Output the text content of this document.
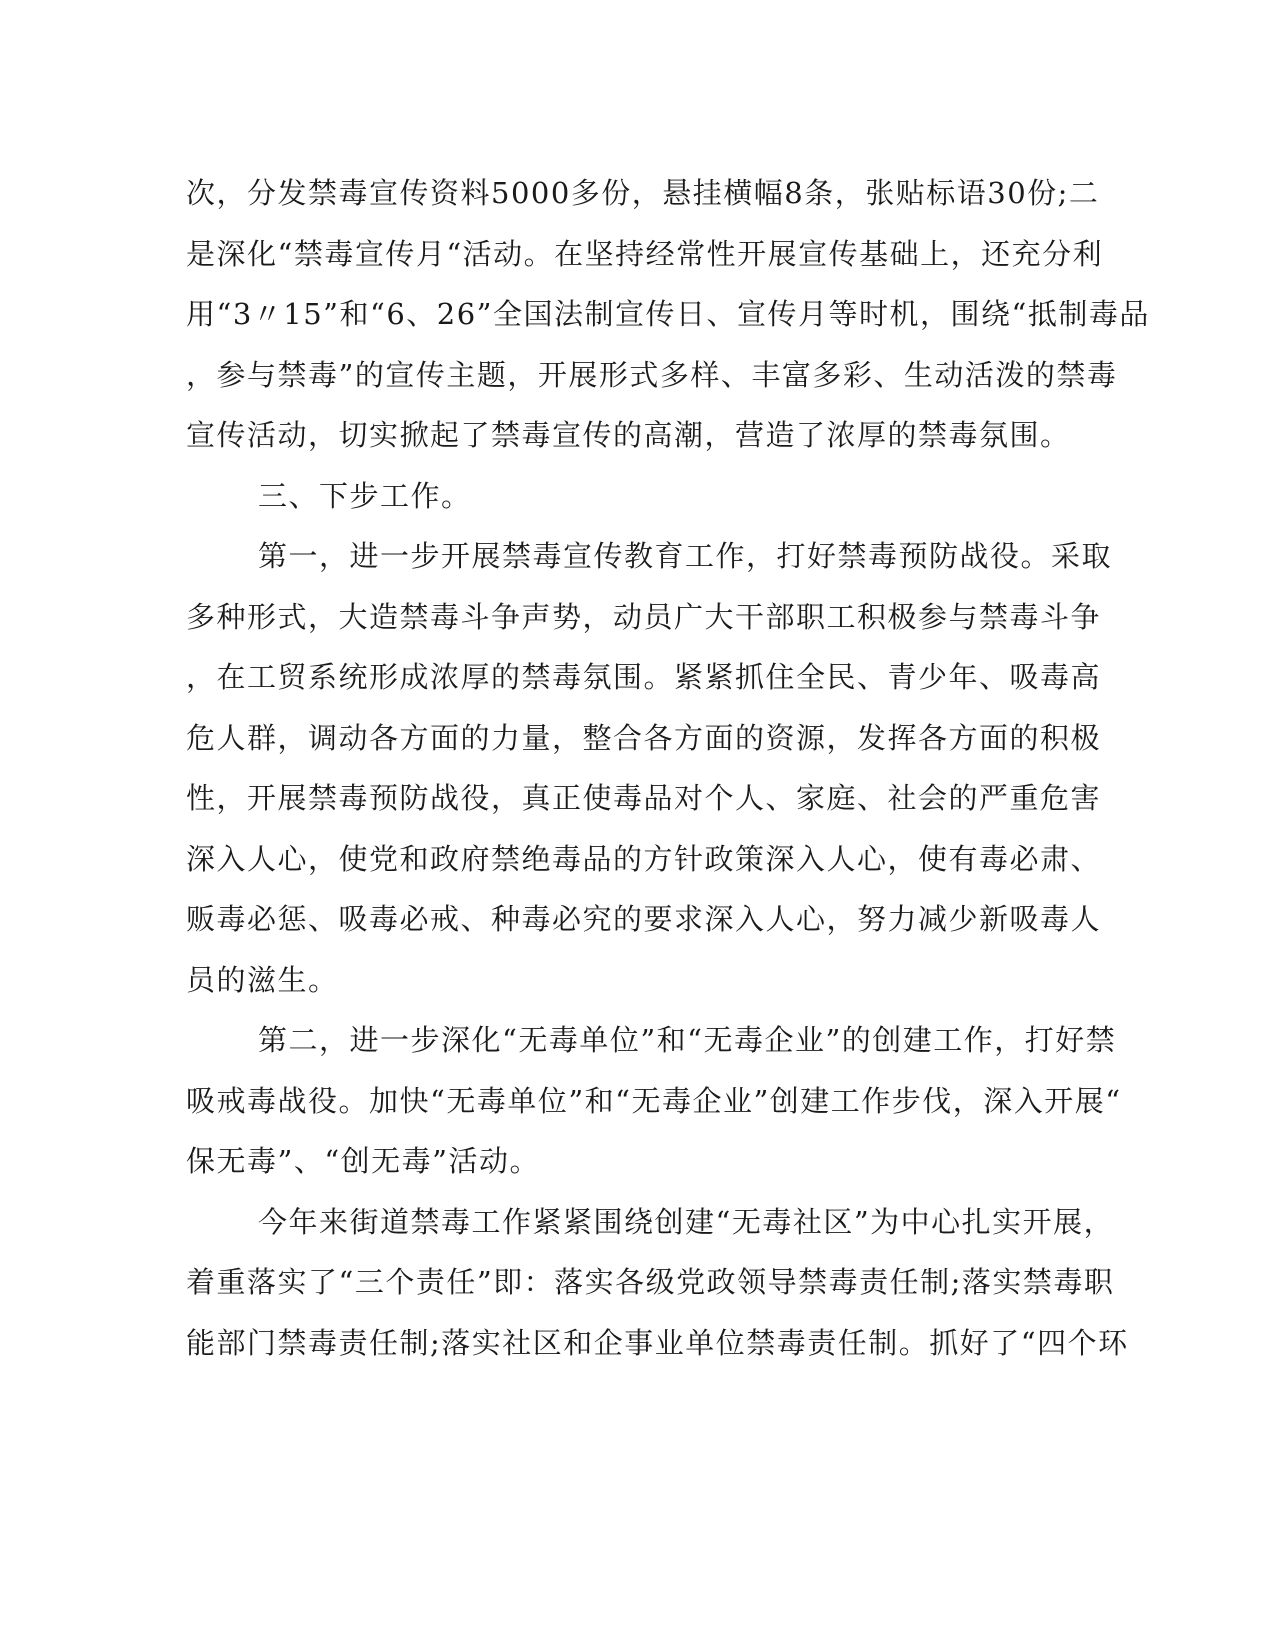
次，分发禁毒宣传资料5000多份，悬挂横幅8条，张贴标语30份;二
是深化“禁毒宣传月“活动。在坚持经常性开展宣传基础上，还充分利
用“3〃15”和“6、26”全国法制宣传日、宣传月等时机，围绕“抵制毒品
，参与禁毒”的宣传主题，开展形式多样、丰富多彩、生动活泼的禁毒
宣传活动，切实掀起了禁毒宣传的高潮，营造了浓厚的禁毒氛围。
三、下步工作。
第一，进一步开展禁毒宣传教育工作，打好禁毒预防战役。采取
多种形式，大造禁毒斗争声势，动员广大干部职工积极参与禁毒斗争
，在工贸系统形成浓厚的禁毒氛围。紧紧抓住全民、青少年、吸毒高
危人群，调动各方面的力量，整合各方面的资源，发挥各方面的积极
性，开展禁毒预防战役，真正使毒品对个人、家庭、社会的严重危害
深入人心，使党和政府禁绝毒品的方针政策深入人心，使有毒必肃、
贩毒必惩、吸毒必戒、种毒必究的要求深入人心，努力减少新吸毒人
员的滋生。
第二，进一步深化“无毒单位”和“无毒企业”的创建工作，打好禁
吸戒毒战役。加快“无毒单位”和“无毒企业”创建工作步伐，深入开展“
保无毒”、“创无毒”活动。
今年来街道禁毒工作紧紧围绕创建“无毒社区”为中心扎实开展，
着重落实了“三个责任”即：落实各级党政领导禁毒责任制;落实禁毒职
能部门禁毒责任制;落实社区和企事业单位禁毒责任制。抓好了“四个环
